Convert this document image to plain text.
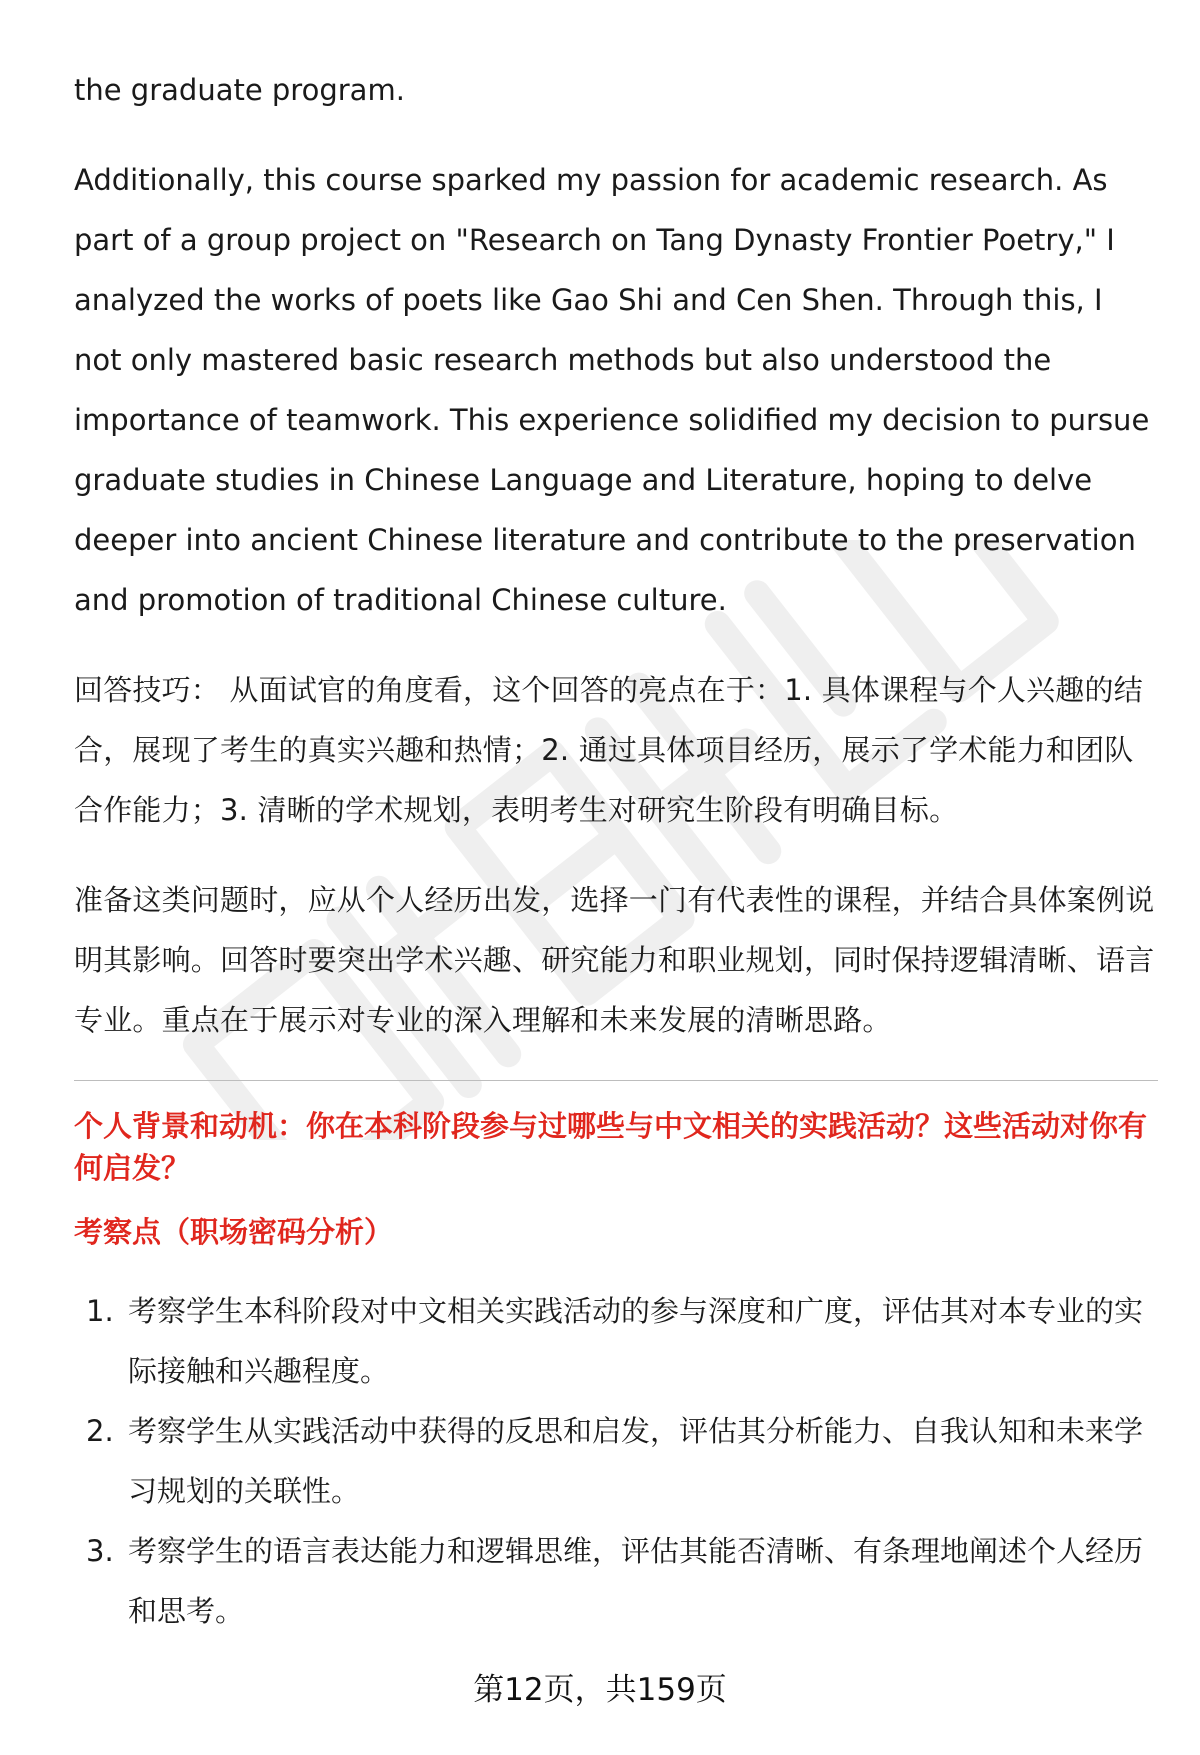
the graduate program.

Additionally, this course sparked my passion for academic research. As part of a group project on "Research on Tang Dynasty Frontier Poetry," I analyzed the works of poets like Gao Shi and Cen Shen. Through this, I not only mastered basic research methods but also understood the importance of teamwork. This experience solidified my decision to pursue graduate studies in Chinese Language and Literature, hoping to delve deeper into ancient Chinese literature and contribute to the preservation and promotion of traditional Chinese culture.

回答技巧： 从面试官的角度看，这个回答的亮点在于：1. 具体课程与个人兴趣的结合，展现了考生的真实兴趣和热情；2. 通过具体项目经历，展示了学术能力和团队合作能力；3. 清晰的学术规划，表明考生对研究生阶段有明确目标。

准备这类问题时，应从个人经历出发，选择一门有代表性的课程，并结合具体案例说明其影响。回答时要突出学术兴趣、研究能力和职业规划，同时保持逻辑清晰、语言专业。重点在于展示对专业的深入理解和未来发展的清晰思路。

个人背景和动机：你在本科阶段参与过哪些与中文相关的实践活动？这些活动对你有何启发？
考察点（职场密码分析）
1. 考察学生本科阶段对中文相关实践活动的参与深度和广度，评估其对本专业的实际接触和兴趣程度。
2. 考察学生从实践活动中获得的反思和启发，评估其分析能力、自我认知和未来学习规划的关联性。
3. 考察学生的语言表达能力和逻辑思维，评估其能否清晰、有条理地阐述个人经历和思考。
第12页，共159页
